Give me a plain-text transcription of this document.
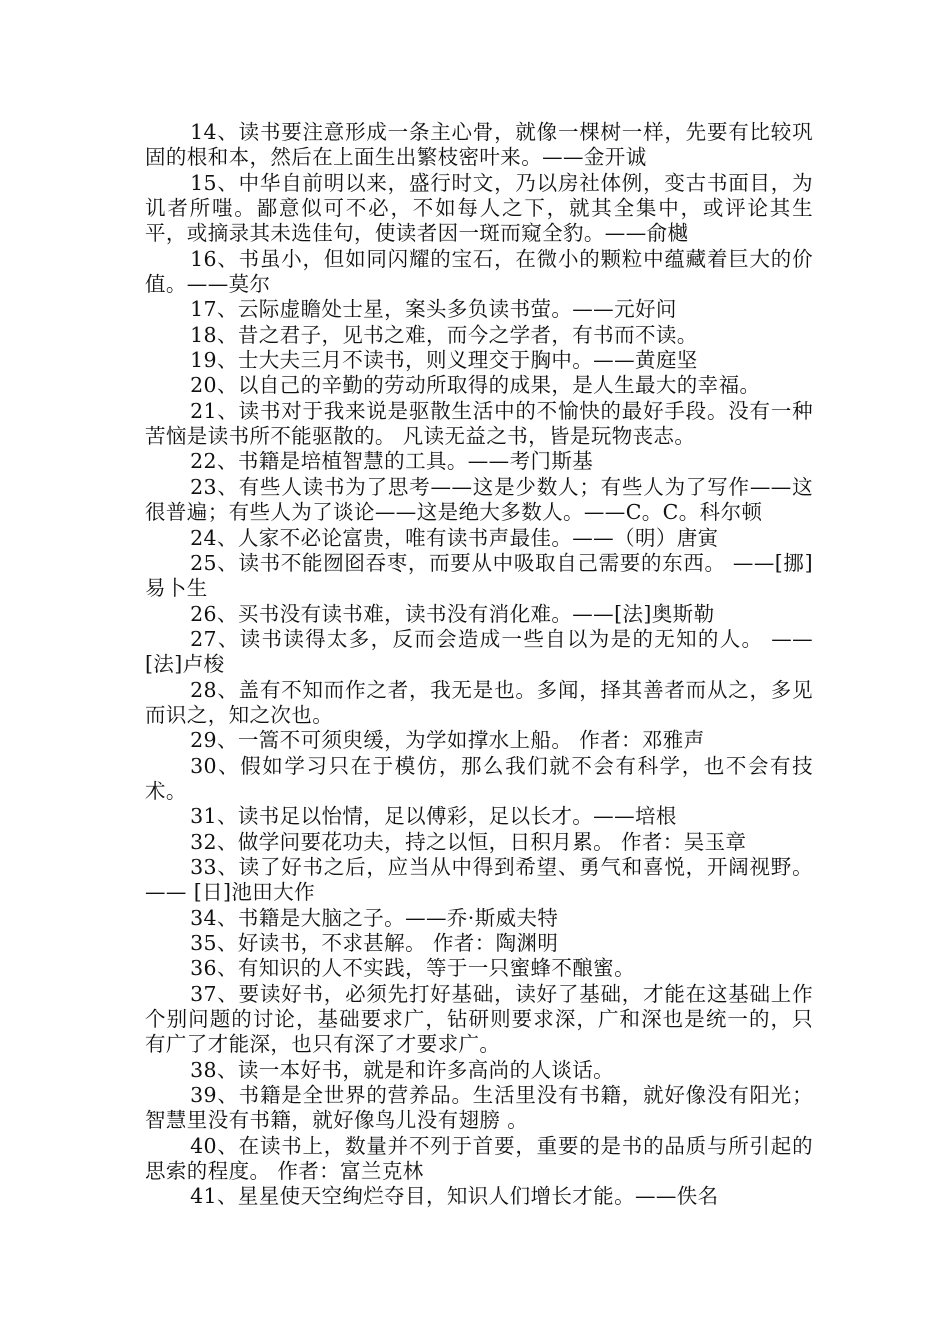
14、读书要注意形成一条主心骨，就像一棵树一样，先要有比较巩固的根和本，然后在上面生出繁枝密叶来。——金开诚

15、中华自前明以来，盛行时文，乃以房社体例，变古书面目，为讥者所嗤。鄙意似可不必，不如每人之下，就其全集中，或评论其生平，或摘录其未选佳句，使读者因一斑而窥全豹。——俞樾

16、书虽小，但如同闪耀的宝石，在微小的颗粒中蕴藏着巨大的价值。——莫尔

17、云际虚瞻处士星，案头多负读书萤。——元好问

18、昔之君子，见书之难，而今之学者，有书而不读。

19、士大夫三月不读书，则义理交于胸中。——黄庭坚

20、以自己的辛勤的劳动所取得的成果，是人生最大的幸福。

21、读书对于我来说是驱散生活中的不愉快的最好手段。没有一种苦恼是读书所不能驱散的。 凡读无益之书，皆是玩物丧志。

22、书籍是培植智慧的工具。——考门斯基

23、有些人读书为了思考——这是少数人；有些人为了写作——这很普遍；有些人为了谈论——这是绝大多数人。——C。C。科尔顿

24、人家不必论富贵，唯有读书声最佳。——（明）唐寅

25、读书不能囫囵吞枣，而要从中吸取自己需要的东西。 ——[挪]易卜生

26、买书没有读书难，读书没有消化难。——[法]奥斯勒

27、读书读得太多，反而会造成一些自以为是的无知的人。 ——[法]卢梭

28、盖有不知而作之者，我无是也。多闻，择其善者而从之，多见而识之，知之次也。

29、一篙不可须臾缓，为学如撑水上船。 作者：邓雅声

30、假如学习只在于模仿，那么我们就不会有科学，也不会有技术。

31、读书足以怡情，足以傅彩，足以长才。——培根

32、做学问要花功夫，持之以恒，日积月累。 作者：吴玉章

33、读了好书之后，应当从中得到希望、勇气和喜悦，开阔视野。—— [日]池田大作

34、书籍是大脑之子。——乔·斯威夫特

35、好读书，不求甚解。 作者：陶渊明

36、有知识的人不实践，等于一只蜜蜂不酿蜜。

37、要读好书，必须先打好基础，读好了基础，才能在这基础上作个别问题的讨论，基础要求广，钻研则要求深，广和深也是统一的，只有广了才能深，也只有深了才要求广。

38、读一本好书，就是和许多高尚的人谈话。

39、书籍是全世界的营养品。生活里没有书籍，就好像没有阳光；智慧里没有书籍，就好像鸟儿没有翅膀 。

40、在读书上，数量并不列于首要，重要的是书的品质与所引起的思索的程度。 作者：富兰克林

41、星星使天空绚烂夺目，知识人们增长才能。——佚名
